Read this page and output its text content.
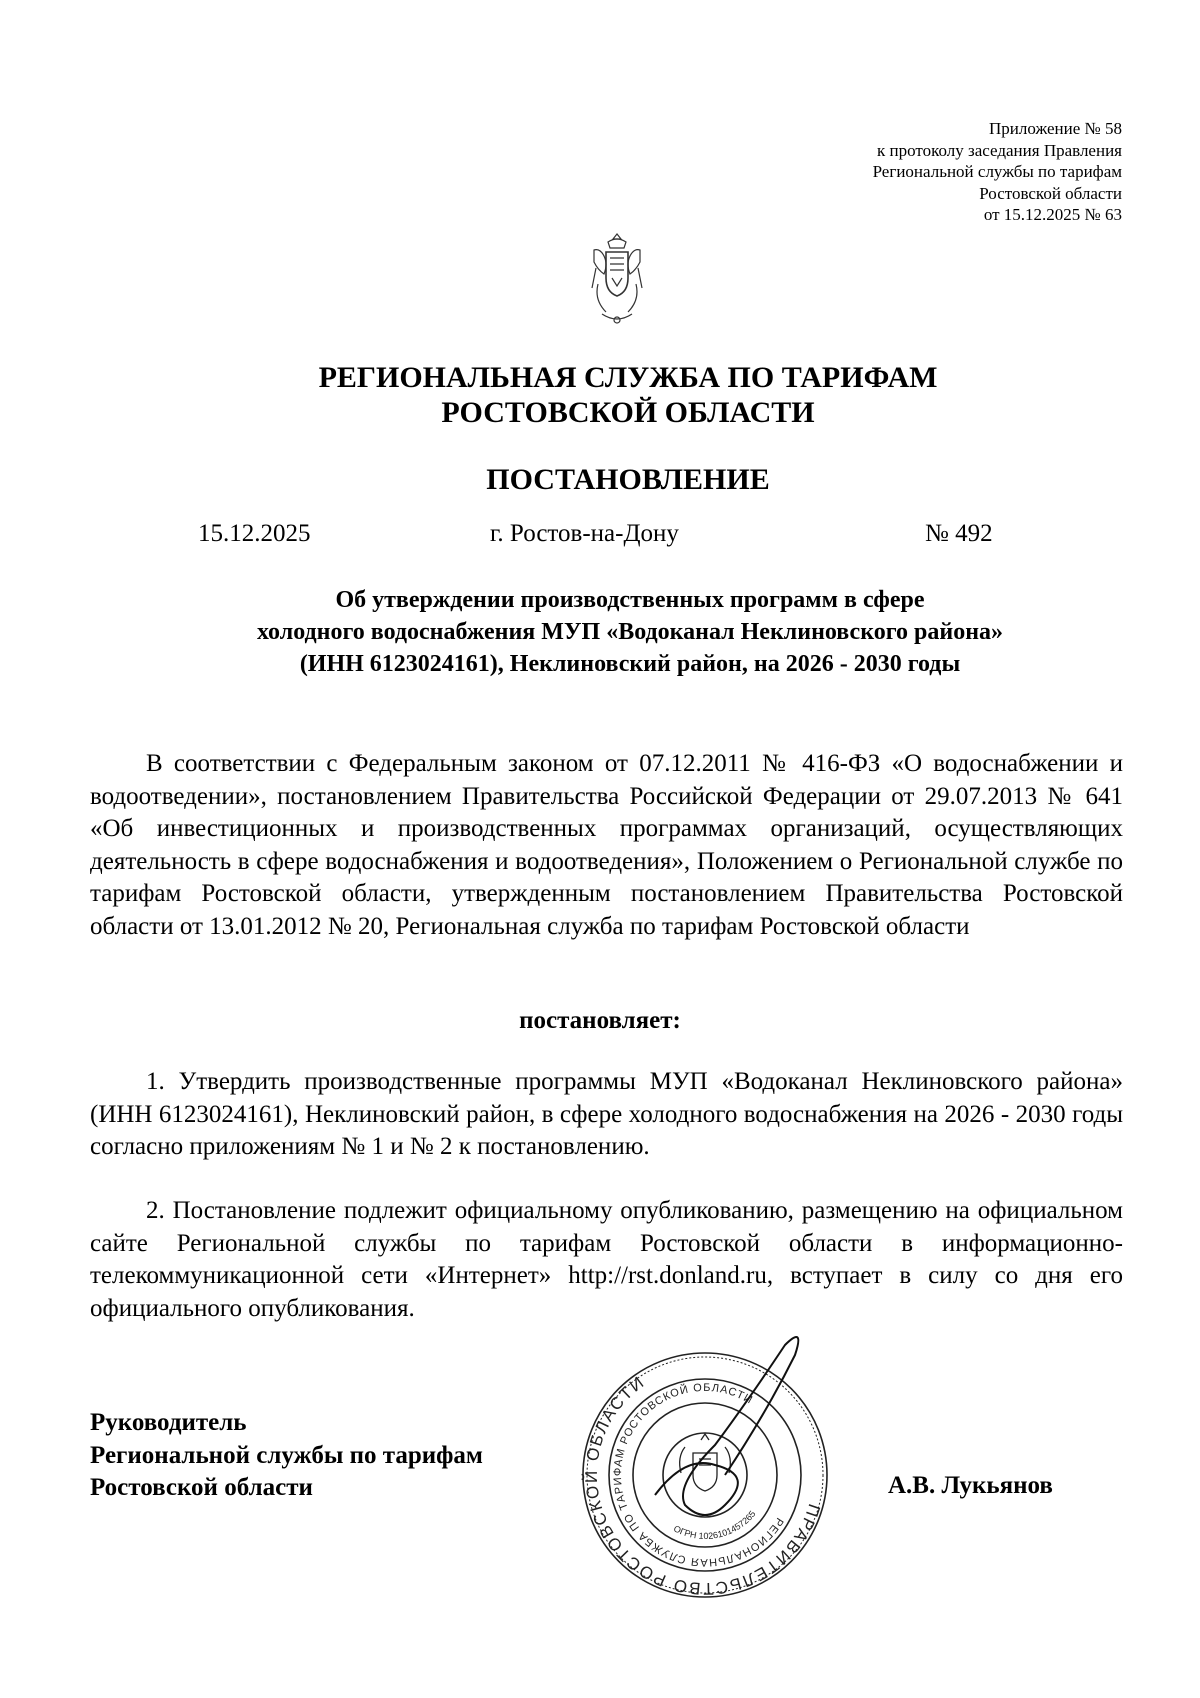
Приложение № 58
к протоколу заседания Правления
Региональной службы по тарифам
Ростовской области
от 15.12.2025 № 63
РЕГИОНАЛЬНАЯ СЛУЖБА ПО ТАРИФАМ
РОСТОВСКОЙ ОБЛАСТИ
ПОСТАНОВЛЕНИЕ
15.12.2025	г. Ростов-на-Дону	№ 492
Об утверждении производственных программ в сфере
холодного водоснабжения МУП «Водоканал Неклиновского района»
(ИНН 6123024161), Неклиновский район, на 2026 - 2030 годы

В соответствии с Федеральным законом от 07.12.2011 № 416-ФЗ «О водоснабжении и водоотведении», постановлением Правительства Российской Федерации от 29.07.2013 № 641 «Об инвестиционных и производственных программах организаций, осуществляющих деятельность в сфере водоснабжения и водоотведения», Положением о Региональной службе по тарифам Ростовской области, утвержденным постановлением Правительства Ростовской области от 13.01.2012 № 20, Региональная служба по тарифам Ростовской области

постановляет:

1. Утвердить производственные программы МУП «Водоканал Неклиновского района» (ИНН 6123024161), Неклиновский район, в сфере холодного водоснабжения на 2026 - 2030 годы согласно приложениям № 1 и № 2 к постановлению.

2. Постановление подлежит официальному опубликованию, размещению на официальном сайте Региональной службы по тарифам Ростовской области в информационно-телекоммуникационной сети «Интернет» http://rst.donland.ru, вступает в силу со дня его официального опубликования.

Руководитель
Региональной службы по тарифам
Ростовской области
ПРАВИТЕЛЬСТВО РОСТОВСКОЙ ОБЛАСТИ
РЕГИОНАЛЬНАЯ СЛУЖБА ПО ТАРИФАМ РОСТОВСКОЙ ОБЛАСТИ
ОГРН 1026101457265
А.В. Лукьянов
